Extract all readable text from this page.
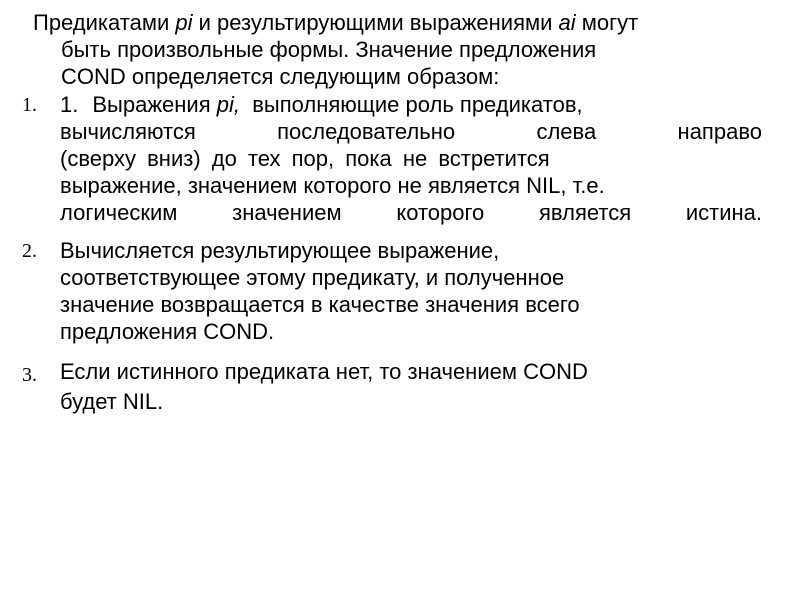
Предикатами pi и результирующими выражениями ai могут
быть произвольные формы. Значение предложения
COND определяется следующим образом:

1. 1. Выражения pi,  выполняющие роль предикатов,
вычисляются последовательно слева направо
(сверху вниз) до тех пор, пока не встретится
выражение, значением которого не является NIL, т.е.
логическим значением которого является истина.
2. Вычисляется результирующее выражение,
соответствующее этому предикату, и полученное
значение возвращается в качестве значения всего
предложения COND.
3. Если истинного предиката нет, то значением COND
будет NIL.
